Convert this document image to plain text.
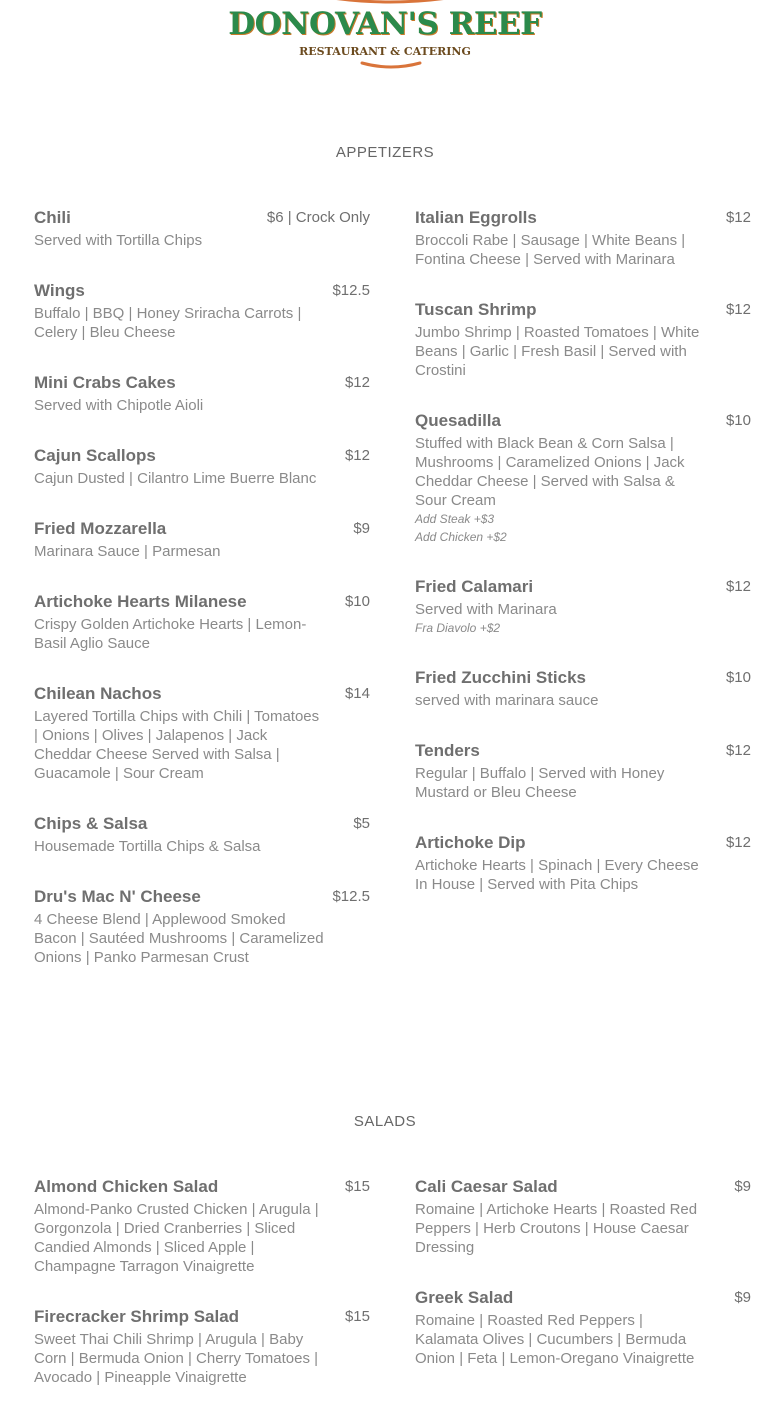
DONOVAN'S REEF
RESTAURANT & CATERING
APPETIZERS
Chili	$6 | Crock Only
Served with Tortilla Chips
Wings	$12.5
Buffalo | BBQ | Honey Sriracha Carrots | Celery | Bleu Cheese
Mini Crabs Cakes	$12
Served with Chipotle Aioli
Cajun Scallops	$12
Cajun Dusted | Cilantro Lime Buerre Blanc
Fried Mozzarella	$9
Marinara Sauce | Parmesan
Artichoke Hearts Milanese	$10
Crispy Golden Artichoke Hearts | Lemon-Basil Aglio Sauce
Chilean Nachos	$14
Layered Tortilla Chips with Chili | Tomatoes | Onions | Olives | Jalapenos | Jack Cheddar Cheese Served with Salsa | Guacamole | Sour Cream
Chips & Salsa	$5
Housemade Tortilla Chips & Salsa
Dru's Mac N' Cheese	$12.5
4 Cheese Blend | Applewood Smoked Bacon | Sautéed Mushrooms | Caramelized Onions | Panko Parmesan Crust
Italian Eggrolls	$12
Broccoli Rabe | Sausage | White Beans | Fontina Cheese | Served with Marinara
Tuscan Shrimp	$12
Jumbo Shrimp | Roasted Tomatoes | White Beans | Garlic | Fresh Basil | Served with Crostini
Quesadilla	$10
Stuffed with Black Bean & Corn Salsa | Mushrooms | Caramelized Onions | Jack Cheddar Cheese | Served with Salsa & Sour Cream
Add Steak +$3
Add Chicken +$2
Fried Calamari	$12
Served with Marinara
Fra Diavolo +$2
Fried Zucchini Sticks	$10
served with marinara sauce
Tenders	$12
Regular | Buffalo | Served with Honey Mustard or Bleu Cheese
Artichoke Dip	$12
Artichoke Hearts | Spinach | Every Cheese In House | Served with Pita Chips
SALADS
Almond Chicken Salad	$15
Almond-Panko Crusted Chicken | Arugula | Gorgonzola | Dried Cranberries | Sliced Candied Almonds | Sliced Apple | Champagne Tarragon Vinaigrette
Firecracker Shrimp Salad	$15
Sweet Thai Chili Shrimp | Arugula | Baby Corn | Bermuda Onion | Cherry Tomatoes | Avocado | Pineapple Vinaigrette
Cali Caesar Salad	$9
Romaine | Artichoke Hearts | Roasted Red Peppers | Herb Croutons | House Caesar Dressing
Greek Salad	$9
Romaine | Roasted Red Peppers | Kalamata Olives | Cucumbers | Bermuda Onion | Feta | Lemon-Oregano Vinaigrette
